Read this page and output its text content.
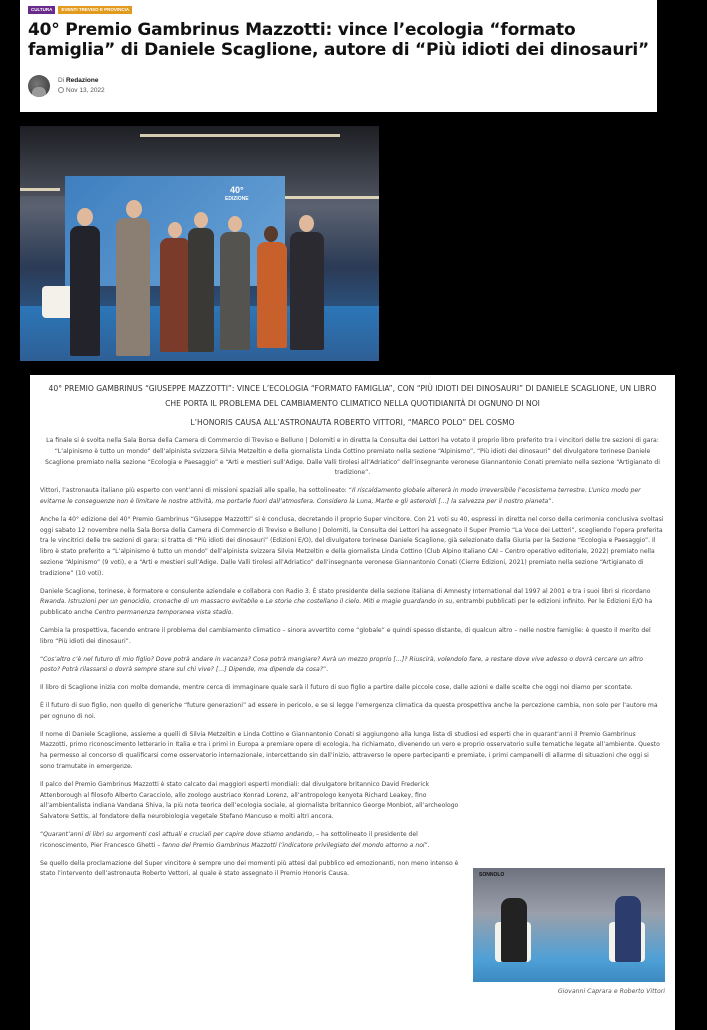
CULTURA	EVENTI TREVISO E PROVINCIA
40° Premio Gambrinus Mazzotti: vince l’ecologia “formato famiglia” di Daniele Scaglione, autore di “Più idioti dei dinosauri”
Di Redazione
Nov 13, 2022
40°
EDIZIONE
40° PREMIO GAMBRINUS “GIUSEPPE MAZZOTTI”: VINCE L’ECOLOGIA “FORMATO FAMIGLIA”, CON “PIÙ IDIOTI DEI DINOSAURI” DI DANIELE SCAGLIONE, UN LIBRO CHE PORTA IL PROBLEMA DEL CAMBIAMENTO CLIMATICO NELLA QUOTIDIANITÀ DI OGNUNO DI NOI
L’HONORIS CAUSA ALL’ASTRONAUTA ROBERTO VITTORI, “MARCO POLO” DEL COSMO

La finale si è svolta nella Sala Borsa della Camera di Commercio di Treviso e Belluno | Dolomiti e in diretta la Consulta dei Lettori ha votato il proprio libro preferito tra i vincitori delle tre sezioni di gara: “L’alpinismo è tutto un mondo” dell’alpinista svizzera Silvia Metzeltin e della giornalista Linda Cottino premiato nella sezione “Alpinismo”, “Più idioti dei dinosauri” del divulgatore torinese Daniele Scaglione premiato nella sezione “Ecologia e Paesaggio” e “Arti e mestieri sull’Adige. Dalle Valli tirolesi all’Adriatico” dell’insegnante veronese Giannantonio Conati premiato nella sezione “Artigianato di tradizione”.

Vittori, l’astronauta italiano più esperto con vent’anni di missioni spaziali alle spalle, ha sottolineato: “Il riscaldamento globale altererà in modo irreversibile l’ecosistema terrestre. L’unico modo per evitarne le conseguenze non è limitare le nostre attività, ma portarle fuori dall’atmosfera. Considero la Luna, Marte e gli asteroidi […] la salvezza per il nostro pianeta”.

Anche la 40° edizione del 40° Premio Gambrinus “Giuseppe Mazzotti” si è conclusa, decretando il proprio Super vincitore. Con 21 voti su 40, espressi in diretta nel corso della cerimonia conclusiva svoltasi oggi sabato 12 novembre nella Sala Borsa della Camera di Commercio di Treviso e Belluno | Dolomiti, la Consulta dei Lettori ha assegnato il Super Premio “La Voce dei Lettori”, scegliendo l’opera preferita tra le vincitrici delle tre sezioni di gara: si tratta di “Più idioti dei dinosauri” (Edizioni E/O), del divulgatore torinese Daniele Scaglione, già selezionato dalla Giuria per la Sezione “Ecologia e Paesaggio”. Il libro è stato preferito a “L’alpinismo è tutto un mondo” dell’alpinista svizzera Silvia Metzeltin e della giornalista Linda Cottino (Club Alpino Italiano CAI – Centro operativo editoriale, 2022) premiato nella sezione “Alpinismo” (9 voti), e a “Arti e mestieri sull’Adige. Dalle Valli tirolesi all’Adriatico” dell’insegnante veronese Giannantonio Conati (Cierre Edizioni, 2021) premiato nella sezione “Artigianato di tradizione” (10 voti).

Daniele Scaglione, torinese, è formatore e consulente aziendale e collabora con Radio 3. È stato presidente della sezione italiana di Amnesty International dal 1997 al 2001 e tra i suoi libri si ricordano Rwanda. Istruzioni per un genocidio, cronache di un massacro evitabile e Le storie che costellano il cielo. Miti e magie guardando in su, entrambi pubblicati per le edizioni infinito. Per le Edizioni E/O ha pubblicato anche Centro permanenza temporanea vista stadio.

Cambia la prospettiva, facendo entrare il problema del cambiamento climatico – sinora avvertito come “globale” e quindi spesso distante, di qualcun altro – nelle nostre famiglie: è questo il merito del libro “Più idioti dei dinosauri”.

“Cos’altro c’è nel futuro di mio figlio? Dove potrà andare in vacanza? Cosa potrà mangiare? Avrà un mezzo proprio […]? Riuscirà, volendolo fare, a restare dove vive adesso o dovrà cercare un altro posto? Potrà rilassarsi o dovrà sempre stare sul chi vive? […] Dipende, ma dipende da cosa?”.

Il libro di Scaglione inizia con molte domande, mentre cerca di immaginare quale sarà il futuro di suo figlio a partire dalle piccole cose, dalle azioni e dalle scelte che oggi noi diamo per scontate.

È il futuro di suo figlio, non quello di generiche “future generazioni” ad essere in pericolo, e se si legge l’emergenza climatica da questa prospettiva anche la percezione cambia, non solo per l’autore ma per ognuno di noi.

Il nome di Daniele Scaglione, assieme a quelli di Silvia Metzeltin e Linda Cottino e Giannantonio Conati si aggiungono alla lunga lista di studiosi ed esperti che in quarant’anni il Premio Gambrinus Mazzotti, primo riconoscimento letterario in Italia e tra i primi in Europa a premiare opere di ecologia, ha richiamato, divenendo un vero e proprio osservatorio sulle tematiche legate all’ambiente. Questo ha permesso al concorso di qualificarsi come osservatorio internazionale, intercettando sin dall’inizio, attraverso le opere partecipanti e premiate, i primi campanelli di allarme di situazioni che oggi si sono tramutate in emergenze.

Il palco del Premio Gambrinus Mazzotti è stato calcato dai maggiori esperti mondiali: dal divulgatore britannico David Frederick Attenborough al filosofo Alberto Caracciolo, allo zoologo austriaco Konrad Lorenz, all’antropologo kenyota Richard Leakey, fino all’ambientalista indiana Vandana Shiva, la più nota teorica dell’ecologia sociale, al giornalista britannico George Monbiot, all’archeologo Salvatore Settis, al fondatore della neurobiologia vegetale Stefano Mancuso e molti altri ancora.

“Quarant’anni di libri su argomenti così attuali e cruciali per capire dove stiamo andando, – ha sottolineato il presidente del riconoscimento, Pier Francesco Ghetti – fanno del Premio Gambrinus Mazzotti l’indicatore privilegiato del mondo attorno a noi”.

Se quello della proclamazione del Super vincitore è sempre uno dei momenti più attesi dal pubblico ed emozionanti, non meno intenso è stato l’intervento dell’astronauta Roberto Vettori, al quale è stato assegnato il Premio Honoris Causa.	SONNOLO
Giovanni Caprara e Roberto Vittori
